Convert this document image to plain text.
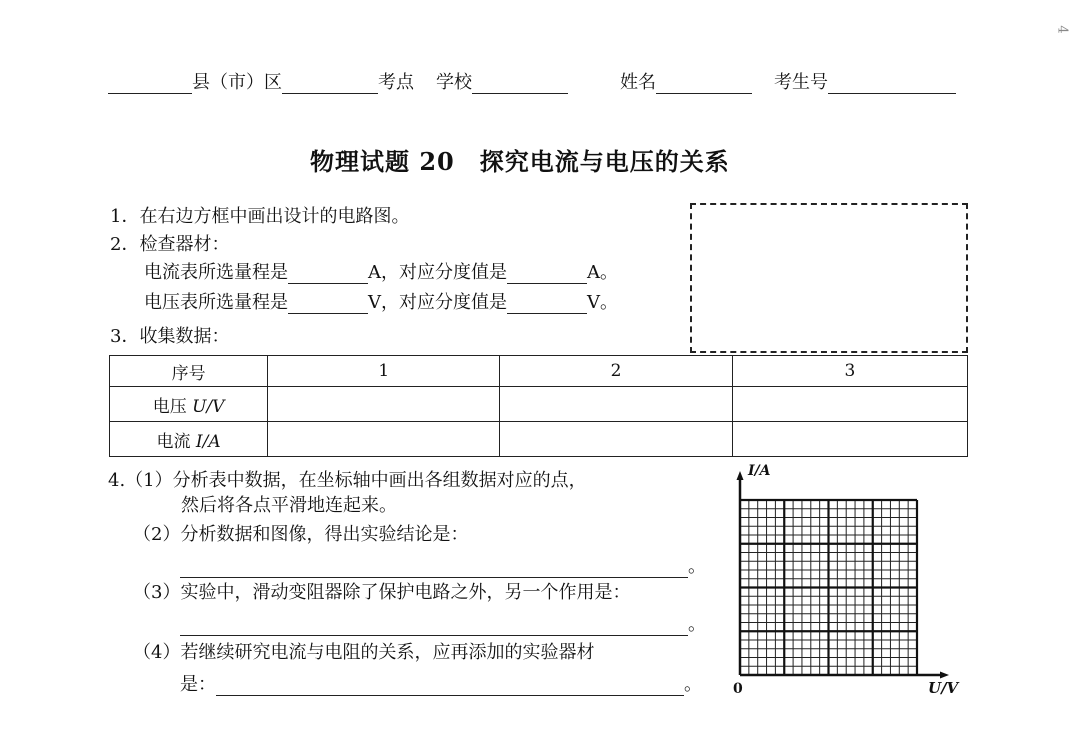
4
县（市）区	考点 学校	姓名	考生号
物理试题 20　探究电流与电压的关系
1．在右边方框中画出设计的电路图。
2．检查器材：
电流表所选量程是	A，对应分度值是	A。
电压表所选量程是	V，对应分度值是	V。
3．收集数据：
序号	1	2	3
电压 U/V			
电流 I/A			
4.（1）分析表中数据，在坐标轴中画出各组数据对应的点，
然后将各点平滑地连起来。
（2）分析数据和图像，得出实验结论是：
。
（3）实验中，滑动变阻器除了保护电路之外，另一个作用是：
。
（4）若继续研究电流与电阻的关系，应再添加的实验器材
是：	。
I/A
U/V
0
